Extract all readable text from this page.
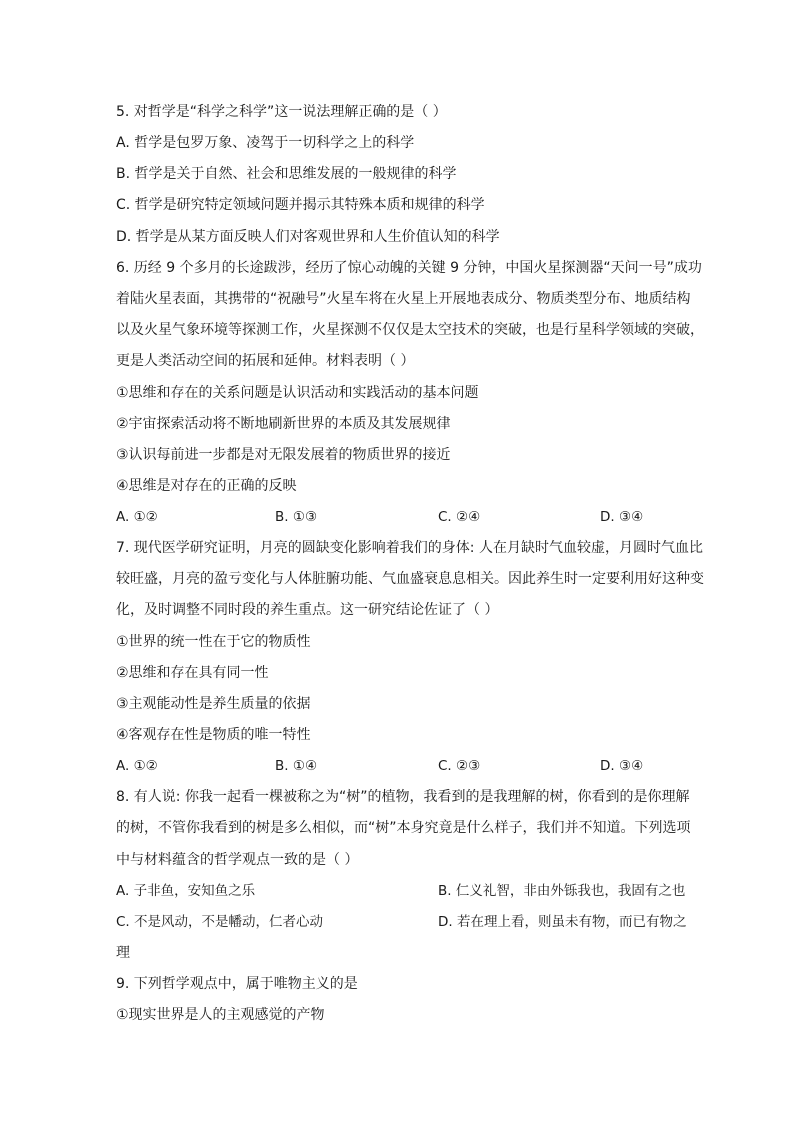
5. 对哲学是“科学之科学”这一说法理解正确的是（ ）
A. 哲学是包罗万象、凌驾于一切科学之上的科学
B. 哲学是关于自然、社会和思维发展的一般规律的科学
C. 哲学是研究特定领域问题并揭示其特殊本质和规律的科学
D. 哲学是从某方面反映人们对客观世界和人生价值认知的科学
6. 历经 9 个多月的长途跋涉，经历了惊心动魄的关键 9 分钟，中国火星探测器“天问一号”成功
着陆火星表面，其携带的“祝融号”火星车将在火星上开展地表成分、物质类型分布、地质结构
以及火星气象环境等探测工作，火星探测不仅仅是太空技术的突破，也是行星科学领域的突破，
更是人类活动空间的拓展和延伸。材料表明（ ）
①思维和存在的关系问题是认识活动和实践活动的基本问题
②宇宙探索活动将不断地刷新世界的本质及其发展规律
③认识每前进一步都是对无限发展着的物质世界的接近
④思维是对存在的正确的反映
A. ①②	B. ①③	C. ②④	D. ③④
7. 现代医学研究证明，月亮的圆缺变化影响着我们的身体: 人在月缺时气血较虚，月圆时气血比
较旺盛，月亮的盈亏变化与人体脏腑功能、气血盛衰息息相关。因此养生时一定要利用好这种变
化，及时调整不同时段的养生重点。这一研究结论佐证了（ ）
①世界的统一性在于它的物质性
②思维和存在具有同一性
③主观能动性是养生质量的依据
④客观存在性是物质的唯一特性
A. ①②	B. ①④	C. ②③	D. ③④
8. 有人说: 你我一起看一棵被称之为“树”的植物，我看到的是我理解的树，你看到的是你理解
的树，不管你我看到的树是多么相似，而“树”本身究竟是什么样子，我们并不知道。下列选项
中与材料蕴含的哲学观点一致的是（ ）
A. 子非鱼，安知鱼之乐	B. 仁义礼智，非由外铄我也，我固有之也
C. 不是风动，不是幡动，仁者心动	D. 若在理上看，则虽未有物，而已有物之
理
9. 下列哲学观点中，属于唯物主义的是
①现实世界是人的主观感觉的产物
